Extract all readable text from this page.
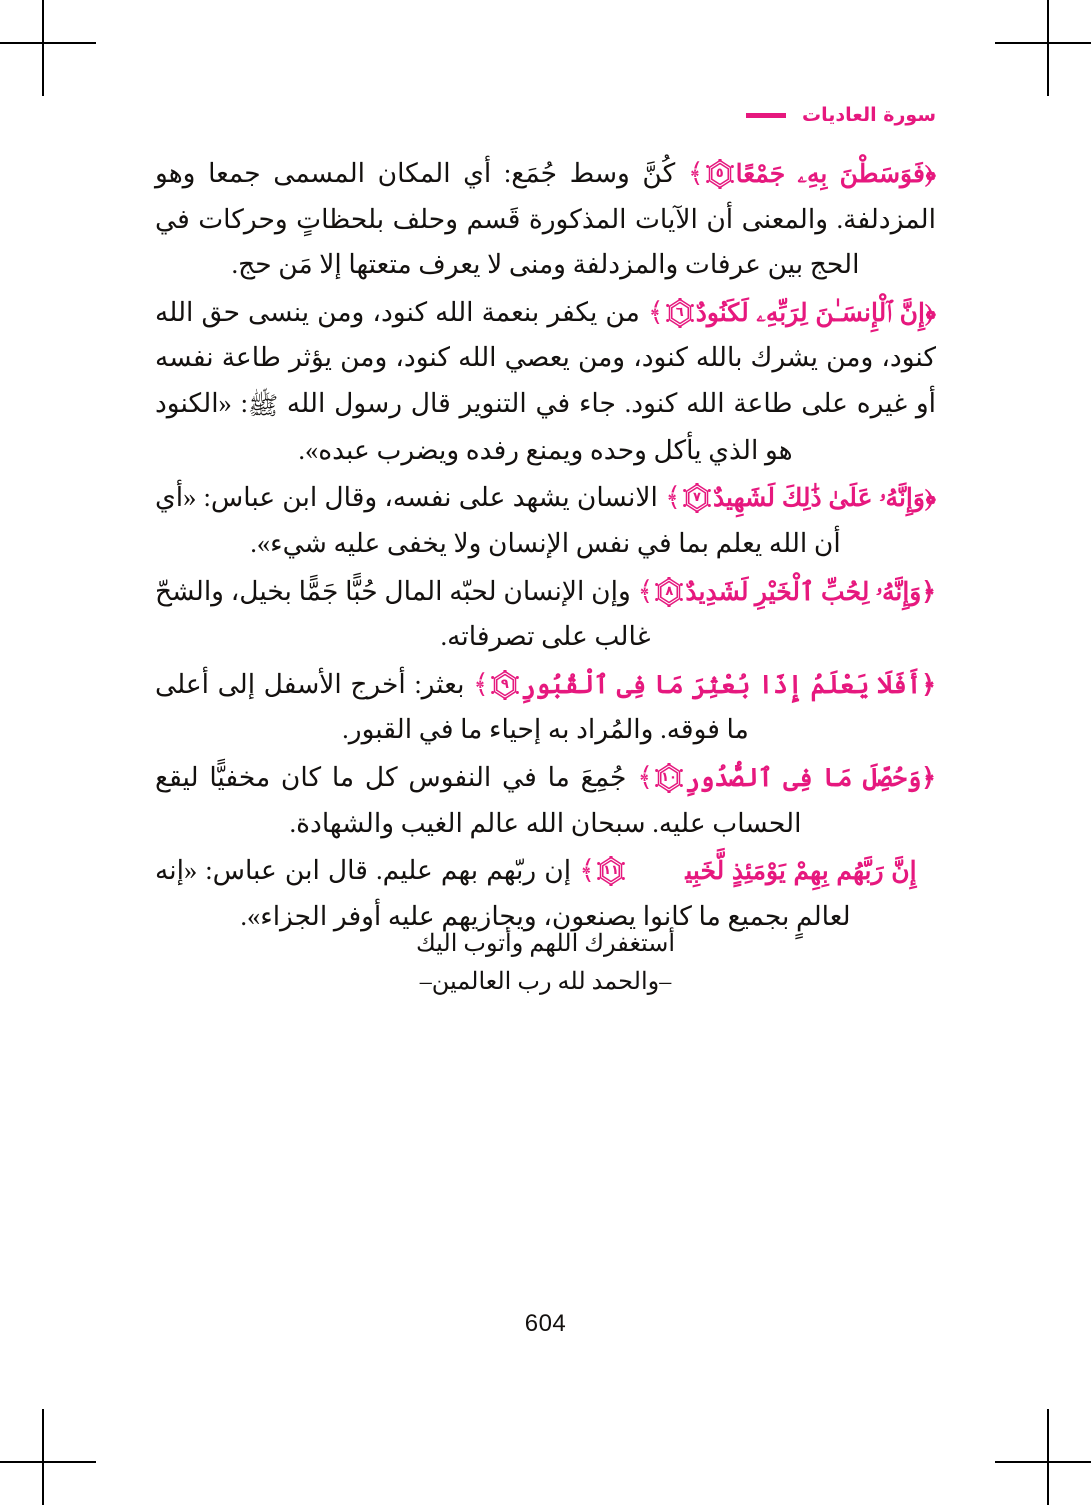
سورة العاديات

﴿فَوَسَطْنَ بِهِۦ جَمْعًا
٥
﴾ كُنَّ وسط جُمَع: أي المكان المسمى جمعا وهو المزدلفة. والمعنى أن الآيات المذكورة قَسم وحلف بلحظاتٍ وحركات في الحج بين عرفات والمزدلفة ومنى لا يعرف متعتها إلا مَن حج.

﴿إِنَّ ٱلْإِنسَـٰنَ لِرَبِّهِۦ لَكَنُودٌ
٦
﴾ من يكفر بنعمة الله كنود، ومن ينسى حق الله كنود، ومن يشرك بالله كنود، ومن يعصي الله كنود، ومن يؤثر طاعة نفسه أو غيره على طاعة الله كنود. جاء في التنوير قال رسول الله ﷺ: «الكنود هو الذي يأكل وحده ويمنع رفده ويضرب عبده».

﴿وَإِنَّهُۥ عَلَىٰ ذَٰلِكَ لَشَهِيدٌ
٧
﴾ الانسان يشهد على نفسه، وقال ابن عباس: «أي أن الله يعلم بما في نفس الإنسان ولا يخفى عليه شيء».

﴿وَإِنَّهُۥ لِحُبِّ ٱلْخَيْرِ لَشَدِيدٌ
٨
﴾ وإن الإنسان لحبّه المال حُبًّا جَمًّا بخيل، والشحّ غالب على تصرفاته.

﴿أَفَلَا يَعْلَمُ إِذَا بُعْثِرَ مَا فِى ٱلْقُبُورِ
٩
﴾ بعثر: أخرج الأسفل إلى أعلى ما فوقه. والمُراد به إحياء ما في القبور.

﴿وَحُصِّلَ مَا فِى ٱلصُّدُورِ
١٠
﴾ جُمِعَ ما في النفوس كل ما كان مخفيًّا ليقع الحساب عليه. سبحان الله عالم الغيب والشهادة.

﴿إِنَّ رَبَّهُم بِهِمْ يَوْمَئِذٍ لَّخَبِيرٌۢ
١١
﴾ إن ربّهم بهم عليم. قال ابن عباس: «إنه لعالمٍ بجميع ما كانوا يصنعون، ويجازيهم عليه أوفر الجزاء».

أستغفرك اللهم وأتوب اليك
–والحمد لله رب العالمين–
604
